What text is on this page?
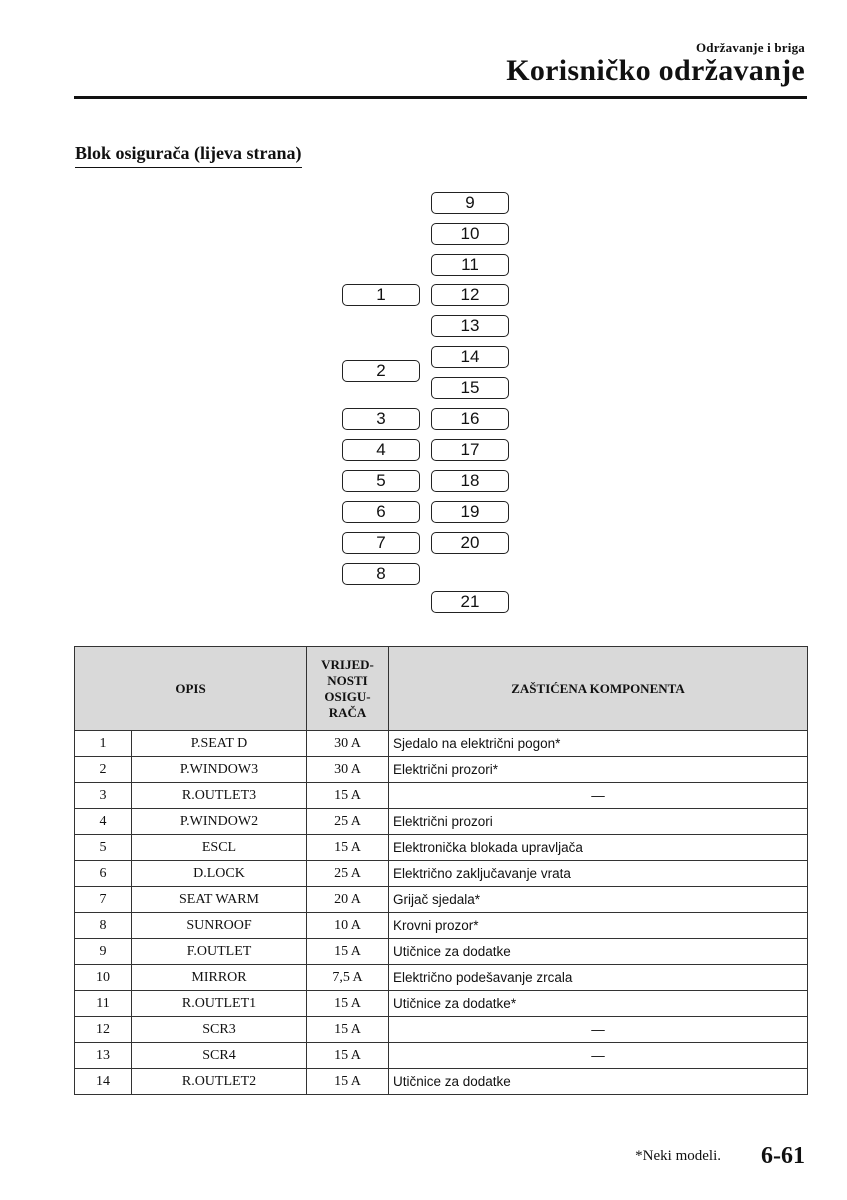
Održavanje i briga
Korisničko održavanje
Blok osigurača (lijeva strana)
1
2
3
4
5
6
7
8
9
10
11
12
13
14
15
16
17
18
19
20
21
OPIS		VRIJED-
NOSTI
OSIGU-
RAČA	ZAŠTIĆENA KOMPONENTA
1	P.SEAT D	30 A	Sjedalo na električni pogon*
2	P.WINDOW3	30 A	Električni prozori*
3	R.OUTLET3	15 A	—
4	P.WINDOW2	25 A	Električni prozori
5	ESCL	15 A	Elektronička blokada upravljača
6	D.LOCK	25 A	Električno zaključavanje vrata
7	SEAT WARM	20 A	Grijač sjedala*
8	SUNROOF	10 A	Krovni prozor*
9	F.OUTLET	15 A	Utičnice za dodatke
10	MIRROR	7,5 A	Električno podešavanje zrcala
11	R.OUTLET1	15 A	Utičnice za dodatke*
12	SCR3	15 A	—
13	SCR4	15 A	—
14	R.OUTLET2	15 A	Utičnice za dodatke
*Neki modeli. 6-61
